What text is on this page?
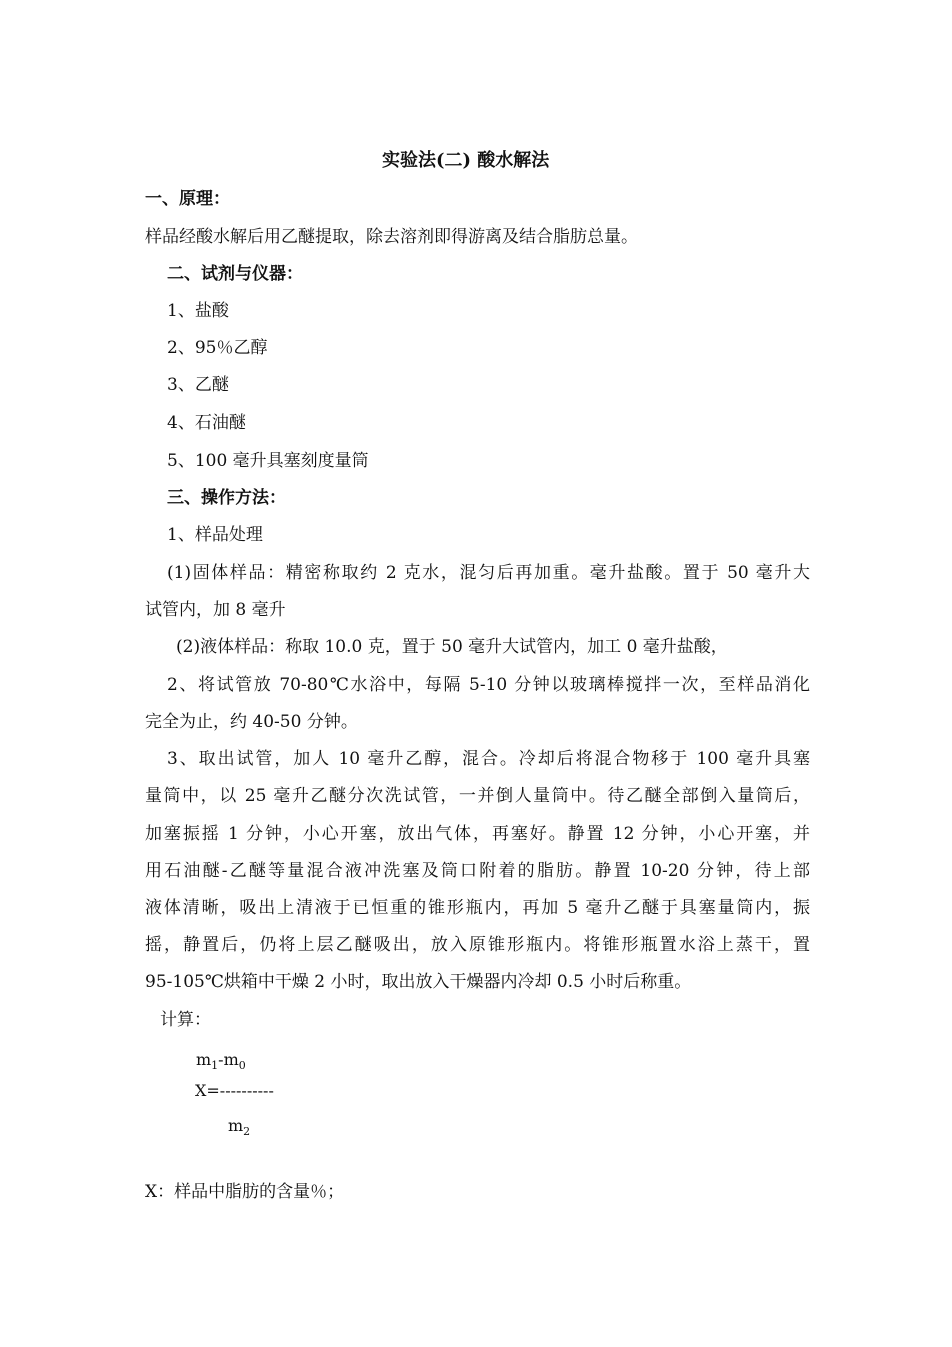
实验法(二) 酸水解法
一、原理：
样品经酸水解后用乙醚提取，除去溶剂即得游离及结合脂肪总量。
二、试剂与仪器：
1、盐酸
2、95％乙醇
3、乙醚
4、石油醚
5、100 毫升具塞刻度量筒
三、操作方法：
1、样品处理
(1)固体样品：精密称取约 2 克水，混匀后再加重。毫升盐酸。置于 50 毫升大
试管内，加 8 毫升
(2)液体样品：称取 10.0 克，置于 50 毫升大试管内，加工 0 毫升盐酸，
2、将试管放 70-80℃水浴中，每隔 5-10 分钟以玻璃棒搅拌一次，至样品消化
完全为止，约 40-50 分钟。
3、取出试管，加人 10 毫升乙醇，混合。冷却后将混合物移于 100 毫升具塞
量筒中，以 25 毫升乙醚分次洗试管，一并倒人量筒中。待乙醚全部倒入量筒后，
加塞振摇 1 分钟，小心开塞，放出气体，再塞好。静置 12 分钟，小心开塞，并
用石油醚-乙醚等量混合液冲洗塞及筒口附着的脂肪。静置 10-20 分钟，待上部
液体清晰，吸出上清液于已恒重的锥形瓶内，再加 5 毫升乙醚于具塞量筒内，振
摇，静置后，仍将上层乙醚吸出，放入原锥形瓶内。将锥形瓶置水浴上蒸干，置
95-105℃烘箱中干燥 2 小时，取出放入干燥器内冷却 0.5 小时后称重。
计算：
$m_1-m_0$
X=----------
$m_2$
X：样品中脂肪的含量％；
